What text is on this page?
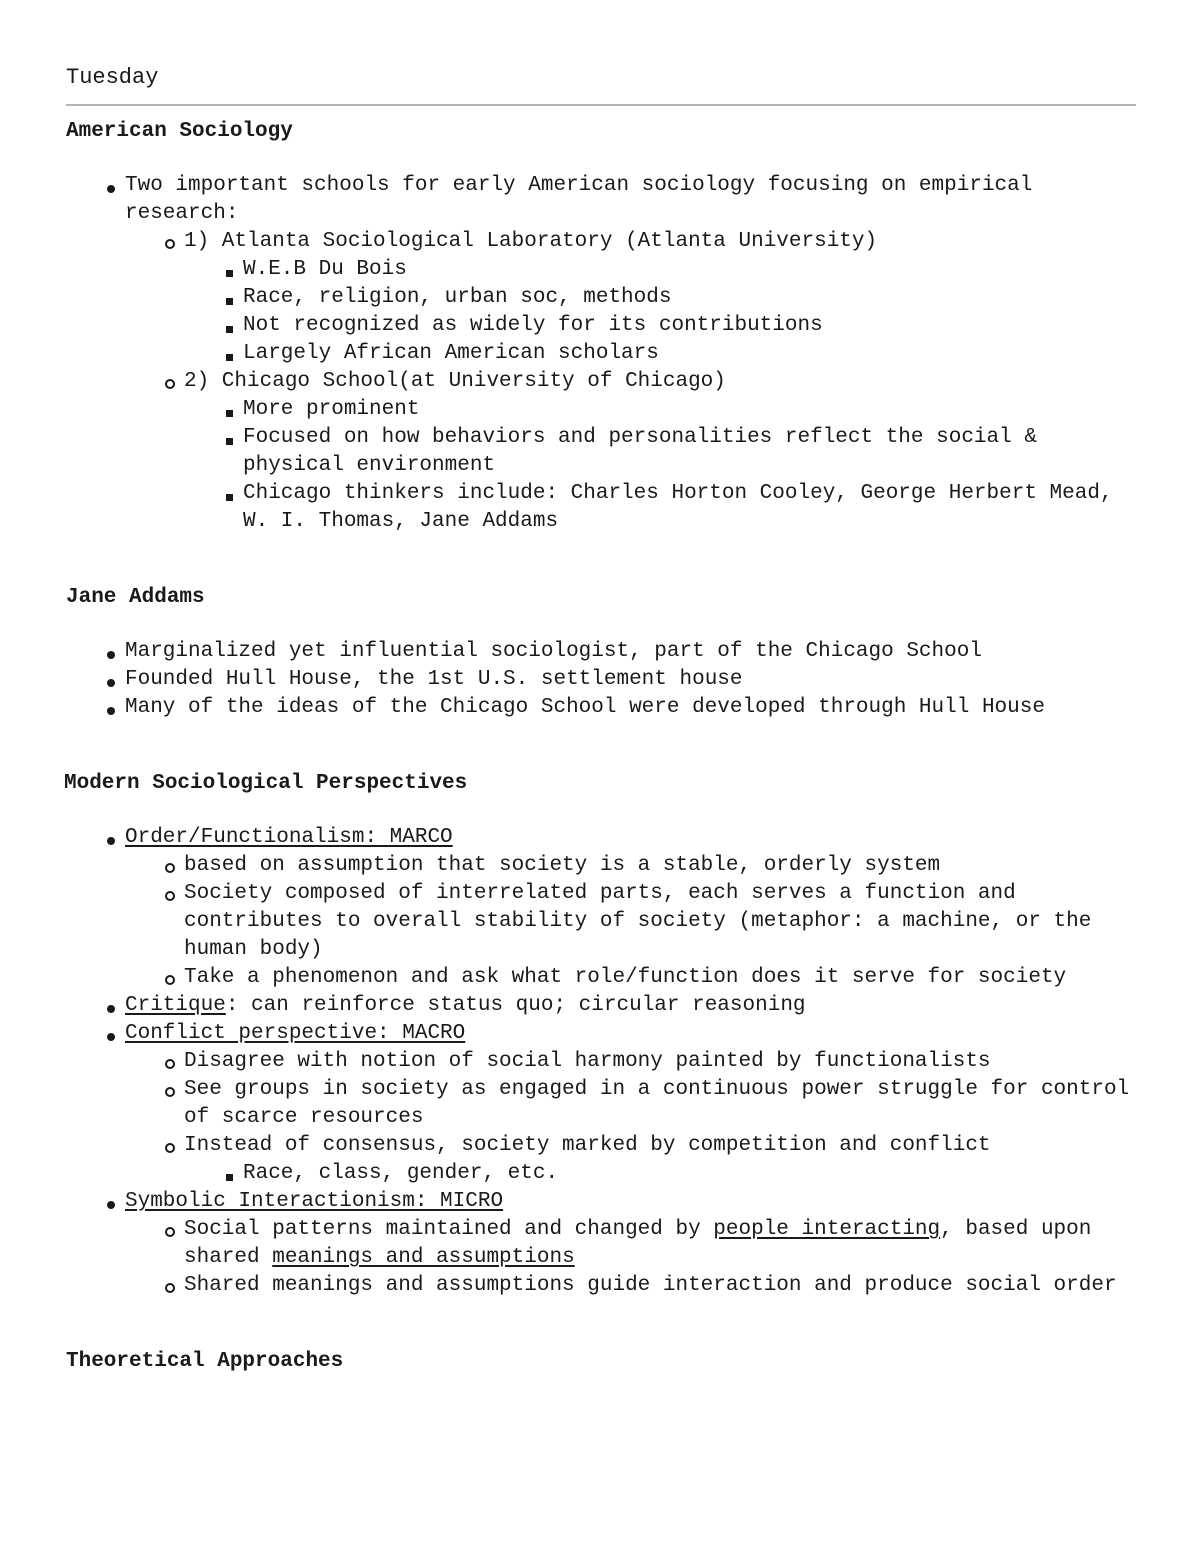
Tuesday
American Sociology
Two important schools for early American sociology focusing on empirical research:
1) Atlanta Sociological Laboratory (Atlanta University)
W.E.B Du Bois
Race, religion, urban soc, methods
Not recognized as widely for its contributions
Largely African American scholars
2) Chicago School(at University of Chicago)
More prominent
Focused on how behaviors and personalities reflect the social & physical environment
Chicago thinkers include: Charles Horton Cooley, George Herbert Mead, W. I. Thomas, Jane Addams
Jane Addams
Marginalized yet influential sociologist, part of the Chicago School
Founded Hull House, the 1st U.S. settlement house
Many of the ideas of the Chicago School were developed through Hull House
Modern Sociological Perspectives
Order/Functionalism: MARCO
based on assumption that society is a stable, orderly system
Society composed of interrelated parts, each serves a function and contributes to overall stability of society (metaphor: a machine, or the human body)
Take a phenomenon and ask what role/function does it serve for society
Critique: can reinforce status quo; circular reasoning
Conflict perspective: MACRO
Disagree with notion of social harmony painted by functionalists
See groups in society as engaged in a continuous power struggle for control of scarce resources
Instead of consensus, society marked by competition and conflict
Race, class, gender, etc.
Symbolic Interactionism: MICRO
Social patterns maintained and changed by people interacting, based upon shared meanings and assumptions
Shared meanings and assumptions guide interaction and produce social order
Theoretical Approaches
